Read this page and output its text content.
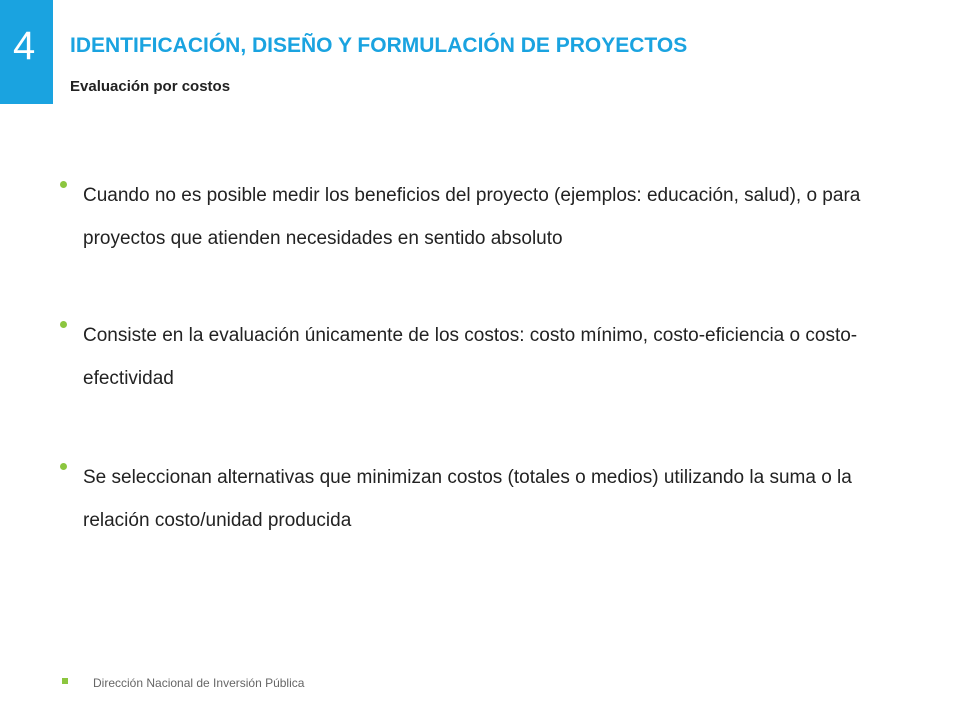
4 IDENTIFICACIÓN, DISEÑO Y FORMULACIÓN DE PROYECTOS
Evaluación por costos
Cuando no es posible medir los beneficios del proyecto (ejemplos: educación, salud), o para proyectos que atienden necesidades en sentido absoluto
Consiste en la evaluación únicamente de los costos: costo mínimo, costo-eficiencia o costo-efectividad
Se seleccionan alternativas que minimizan costos (totales o medios) utilizando la suma o la relación costo/unidad producida
Dirección Nacional de Inversión Pública
